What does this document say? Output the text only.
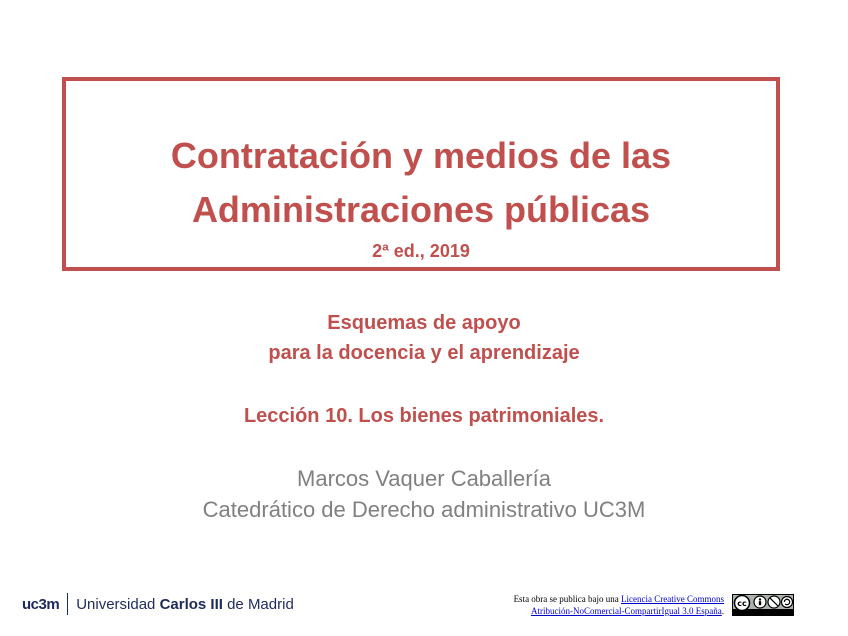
Contratación y medios de las
Administraciones públicas
2ª ed., 2019
Esquemas de apoyo
para la docencia y el aprendizaje
Lección 10. Los bienes patrimoniales.
Marcos Vaquer Caballería
Catedrático de Derecho administrativo UC3M
uc3m Universidad Carlos III de Madrid	Esta obra se publica bajo una Licencia Creative Commons
Atribución-NoComercial-CompartirIgual 3.0 España.
cc
